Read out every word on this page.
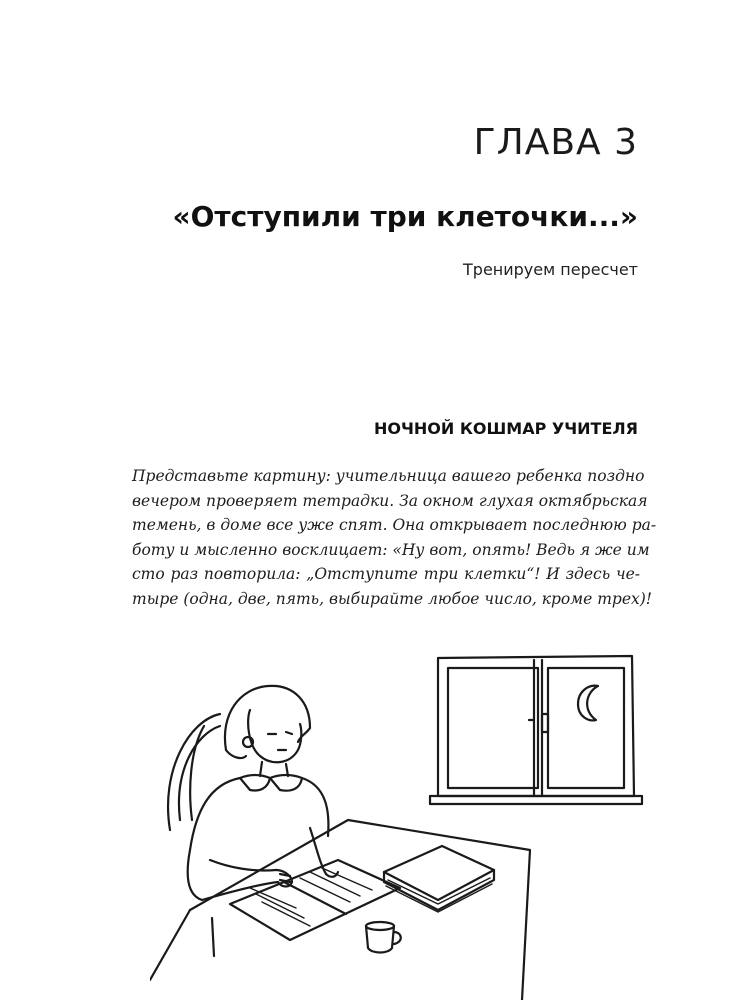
ГЛАВА 3
«Отступили три клеточки...»
Тренируем пересчет
НОЧНОЙ КОШМАР УЧИТЕЛЯ
Представьте картину: учительница вашего ребенка поздно
вечером проверяет тетрадки. За окном глухая октябрьская
темень, в доме все уже спят. Она открывает последнюю ра-
боту и мысленно восклицает: «Ну вот, опять! Ведь я же им
сто раз повторила: „Отступите три клетки“! И здесь че-
тыре (одна, две, пять, выбирайте любое число, кроме трех)!
